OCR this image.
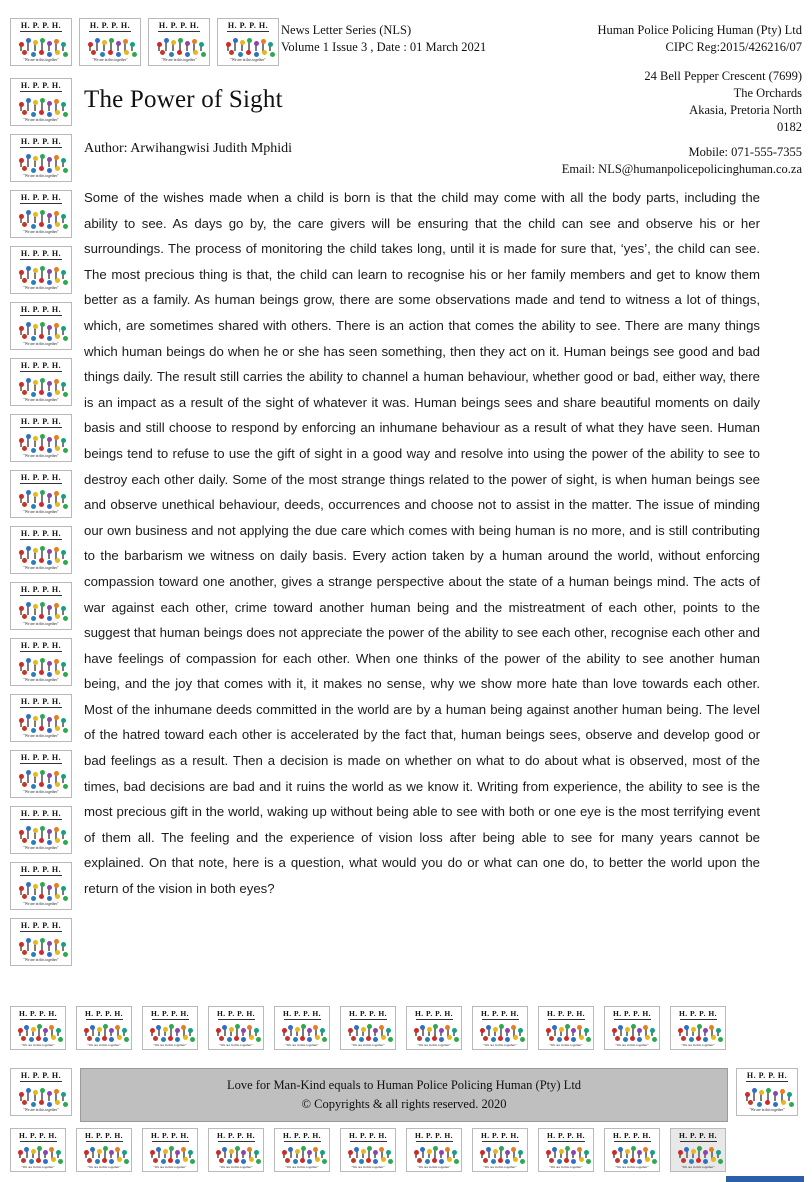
H. P. P. H.
"We are in this together"
H. P. P. H.
"We are in this together"
H. P. P. H.
"We are in this together"
H. P. P. H.
"We are in this together"
News Letter Series (NLS)
Volume 1 Issue 3 , Date : 01 March 2021
Human Police Policing Human (Pty) Ltd
CIPC Reg:2015/426216/07
24 Bell Pepper Crescent (7699)
The Orchards
Akasia, Pretoria North
0182
Mobile: 071-555-7355
Email: NLS@humanpolicepolicinghuman.co.za
H. P. P. H.
"We are in this together"
H. P. P. H.
"We are in this together"
H. P. P. H.
"We are in this together"
H. P. P. H.
"We are in this together"
H. P. P. H.
"We are in this together"
H. P. P. H.
"We are in this together"
H. P. P. H.
"We are in this together"
H. P. P. H.
"We are in this together"
H. P. P. H.
"We are in this together"
H. P. P. H.
"We are in this together"
H. P. P. H.
"We are in this together"
H. P. P. H.
"We are in this together"
H. P. P. H.
"We are in this together"
H. P. P. H.
"We are in this together"
H. P. P. H.
"We are in this together"
H. P. P. H.
"We are in this together"
The Power of Sight
Author: Arwihangwisi Judith Mphidi
Some of the wishes made when a child is born is that the child may come with all the body parts, including the ability to see. As days go by, the care givers will be ensuring that the child can see and observe his or her surroundings. The process of monitoring the child takes long, until it is made for sure that, ‘yes’, the child can see. The most precious thing is that, the child can learn to recognise his or her family members and get to know them better as a family. As human beings grow, there are some observations made and tend to witness a lot of things, which, are sometimes shared with others. There is an action that comes the ability to see. There are many things which human beings do when he or she has seen something, then they act on it. Human beings see good and bad things daily. The result still carries the ability to channel a human behaviour, whether good or bad, either way, there is an impact as a result of the sight of whatever it was. Human beings sees and share beautiful moments on daily basis and still choose to respond by enforcing an inhumane behaviour as a result of what they have seen. Human beings tend to refuse to use the gift of sight in a good way and resolve into using the power of the ability to see to destroy each other daily. Some of the most strange things related to the power of sight, is when human beings see and observe unethical behaviour, deeds, occurrences and choose not to assist in the matter. The issue of minding our own business and not applying the due care which comes with being human is no more, and is still contributing to the barbarism we witness on daily basis. Every action taken by a human around the world, without enforcing compassion toward one another, gives a strange perspective about the state of a human beings mind. The acts of war against each other, crime toward another human being and the mistreatment of each other, points to the suggest that human beings does not appreciate the power of the ability to see each other, recognise each other and have feelings of compassion for each other. When one thinks of the power of the ability to see another human being, and the joy that comes with it, it makes no sense, why we show more hate than love towards each other. Most of the inhumane deeds committed in the world are by a human being against another human being. The level of the hatred toward each other is accelerated by the fact that, human beings sees, observe and develop good or bad feelings as a result. Then a decision is made on whether on what to do about what is observed, most of the times, bad decisions are bad and it ruins the world as we know it. Writing from experience, the ability to see is the most precious gift in the world, waking up without being able to see with both or one eye is the most terrifying event of them all. The feeling and the experience of vision loss after being able to see for many years cannot be explained. On that note, here is a question, what would you do or what can one do, to better the world upon the return of the vision in both eyes?
H. P. P. H.
"We are in this together"
H. P. P. H.
"We are in this together"
H. P. P. H.
"We are in this together"
H. P. P. H.
"We are in this together"
H. P. P. H.
"We are in this together"
H. P. P. H.
"We are in this together"
H. P. P. H.
"We are in this together"
H. P. P. H.
"We are in this together"
H. P. P. H.
"We are in this together"
H. P. P. H.
"We are in this together"
H. P. P. H.
"We are in this together"
H. P. P. H.
"We are in this together"
Love for Man-Kind equals to Human Police Policing Human (Pty) Ltd
© Copyrights & all rights reserved. 2020
H. P. P. H.
"We are in this together"
H. P. P. H.
"We are in this together"
H. P. P. H.
"We are in this together"
H. P. P. H.
"We are in this together"
H. P. P. H.
"We are in this together"
H. P. P. H.
"We are in this together"
H. P. P. H.
"We are in this together"
H. P. P. H.
"We are in this together"
H. P. P. H.
"We are in this together"
H. P. P. H.
"We are in this together"
H. P. P. H.
"We are in this together"
H. P. P. H.
"We are in this together"
